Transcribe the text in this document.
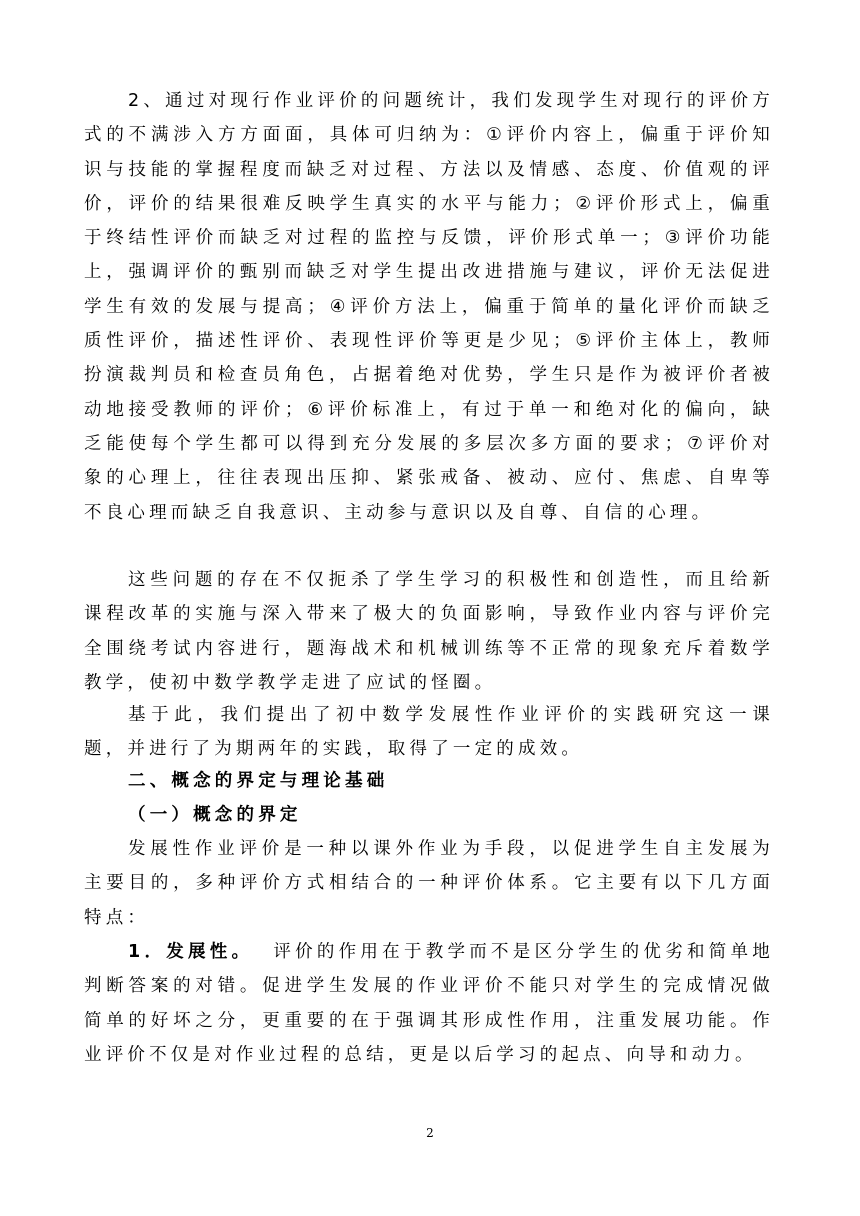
2、通过对现行作业评价的问题统计，我们发现学生对现行的评价方式的不满涉入方方面面，具体可归纳为：①评价内容上，偏重于评价知识与技能的掌握程度而缺乏对过程、方法以及情感、态度、价值观的评价，评价的结果很难反映学生真实的水平与能力；②评价形式上，偏重于终结性评价而缺乏对过程的监控与反馈，评价形式单一；③评价功能上，强调评价的甄别而缺乏对学生提出改进措施与建议，评价无法促进学生有效的发展与提高；④评价方法上，偏重于简单的量化评价而缺乏质性评价，描述性评价、表现性评价等更是少见；⑤评价主体上，教师扮演裁判员和检查员角色，占据着绝对优势，学生只是作为被评价者被动地接受教师的评价；⑥评价标准上，有过于单一和绝对化的偏向，缺乏能使每个学生都可以得到充分发展的多层次多方面的要求；⑦评价对象的心理上，往往表现出压抑、紧张戒备、被动、应付、焦虑、自卑等不良心理而缺乏自我意识、主动参与意识以及自尊、自信的心理。

这些问题的存在不仅扼杀了学生学习的积极性和创造性，而且给新课程改革的实施与深入带来了极大的负面影响，导致作业内容与评价完全围绕考试内容进行，题海战术和机械训练等不正常的现象充斥着数学教学，使初中数学教学走进了应试的怪圈。

基于此，我们提出了初中数学发展性作业评价的实践研究这一课题，并进行了为期两年的实践，取得了一定的成效。

二、概念的界定与理论基础
（一）概念的界定

发展性作业评价是一种以课外作业为手段，以促进学生自主发展为主要目的，多种评价方式相结合的一种评价体系。它主要有以下几方面特点：

1．发展性。 评价的作用在于教学而不是区分学生的优劣和简单地判断答案的对错。促进学生发展的作业评价不能只对学生的完成情况做简单的好坏之分，更重要的在于强调其形成性作用，注重发展功能。作业评价不仅是对作业过程的总结，更是以后学习的起点、向导和动力。

2
